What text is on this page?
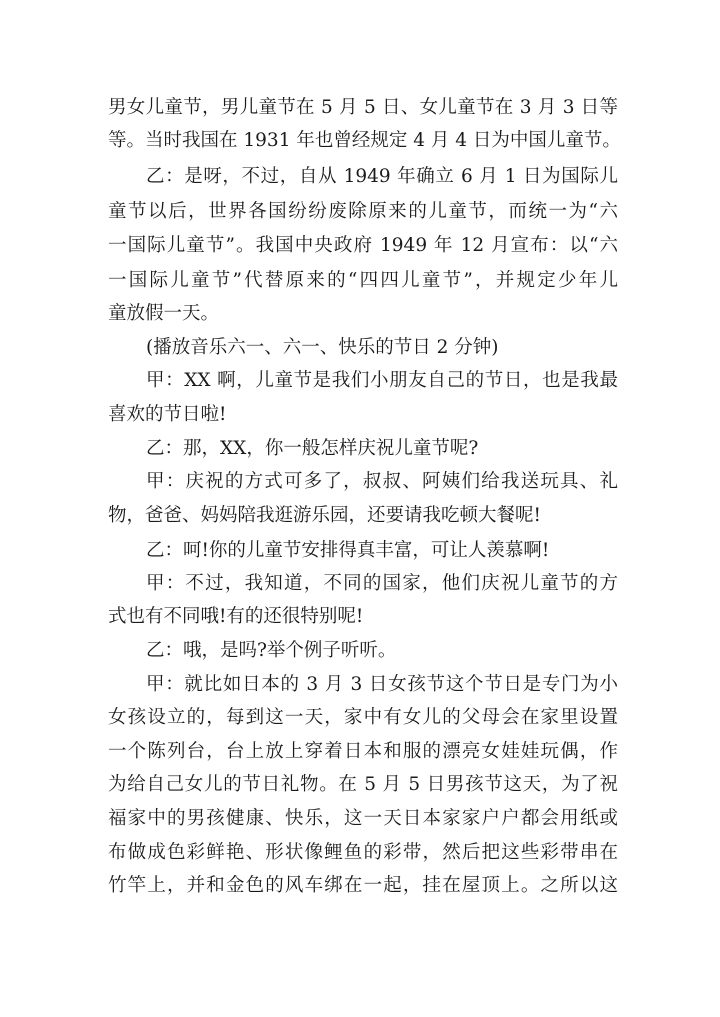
男女儿童节，男儿童节在 5 月 5 日、女儿童节在 3 月 3 日等
等。当时我国在 1931 年也曾经规定 4 月 4 日为中国儿童节。
乙：是呀，不过，自从 1949 年确立 6 月 1 日为国际儿
童节以后，世界各国纷纷废除原来的儿童节，而统一为“六
一国际儿童节”。我国中央政府 1949 年 12 月宣布：以“六
一国际儿童节”代替原来的“四四儿童节”，并规定少年儿
童放假一天。
(播放音乐六一、六一、快乐的节日 2 分钟)
甲：XX 啊，儿童节是我们小朋友自己的节日，也是我最
喜欢的节日啦!
乙：那，XX，你一般怎样庆祝儿童节呢?
甲：庆祝的方式可多了，叔叔、阿姨们给我送玩具、礼
物，爸爸、妈妈陪我逛游乐园，还要请我吃顿大餐呢!
乙：呵!你的儿童节安排得真丰富，可让人羡慕啊!
甲：不过，我知道，不同的国家，他们庆祝儿童节的方
式也有不同哦!有的还很特别呢!
乙：哦，是吗?举个例子听听。
甲：就比如日本的 3 月 3 日女孩节这个节日是专门为小
女孩设立的，每到这一天，家中有女儿的父母会在家里设置
一个陈列台，台上放上穿着日本和服的漂亮女娃娃玩偶，作
为给自己女儿的节日礼物。在 5 月 5 日男孩节这天，为了祝
福家中的男孩健康、快乐，这一天日本家家户户都会用纸或
布做成色彩鲜艳、形状像鲤鱼的彩带，然后把这些彩带串在
竹竿上，并和金色的风车绑在一起，挂在屋顶上。之所以这
